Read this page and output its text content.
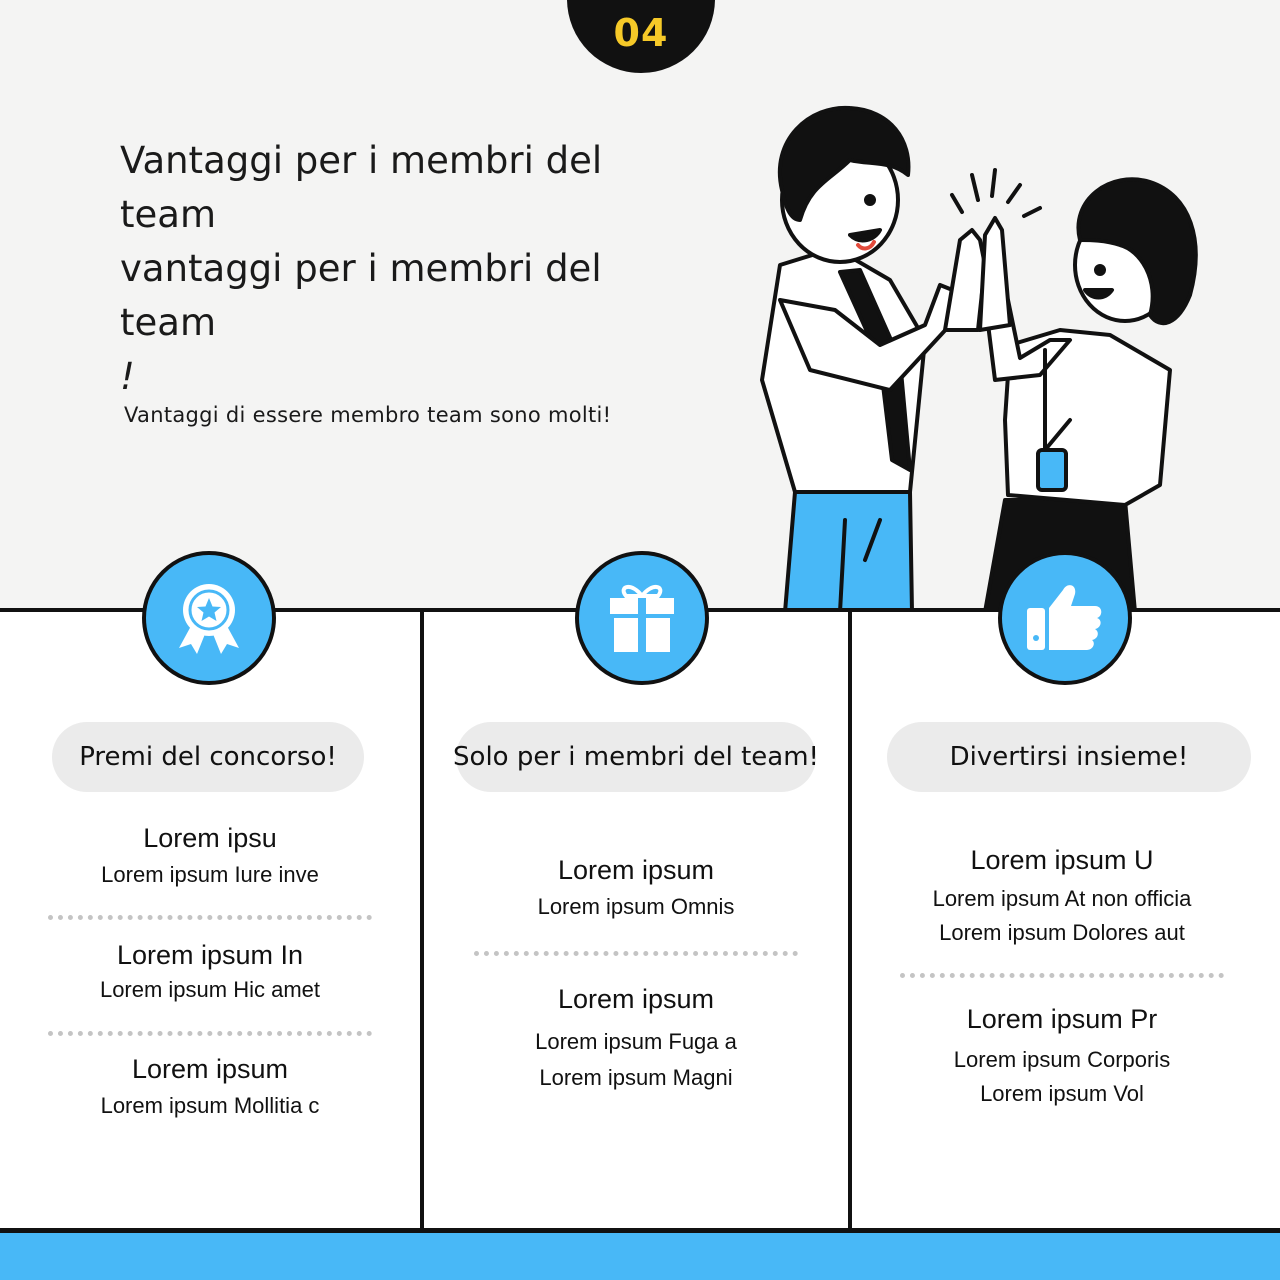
04
Vantaggi per i membri del
team
vantaggi per i membri del
team
!
Vantaggi di essere membro team sono molti!
Premi del concorso!	Solo per i membri del team!	Divertirsi insieme!
Lorem ipsu
Lorem ipsum Iure inve
Lorem ipsum In
Lorem ipsum Hic amet
Lorem ipsum
Lorem ipsum Mollitia c
Lorem ipsum
Lorem ipsum Omnis
Lorem ipsum
Lorem ipsum Fuga a
Lorem ipsum Magni
Lorem ipsum U
Lorem ipsum At non officia
Lorem ipsum Dolores aut
Lorem ipsum Pr
Lorem ipsum Corporis
Lorem ipsum Vol
